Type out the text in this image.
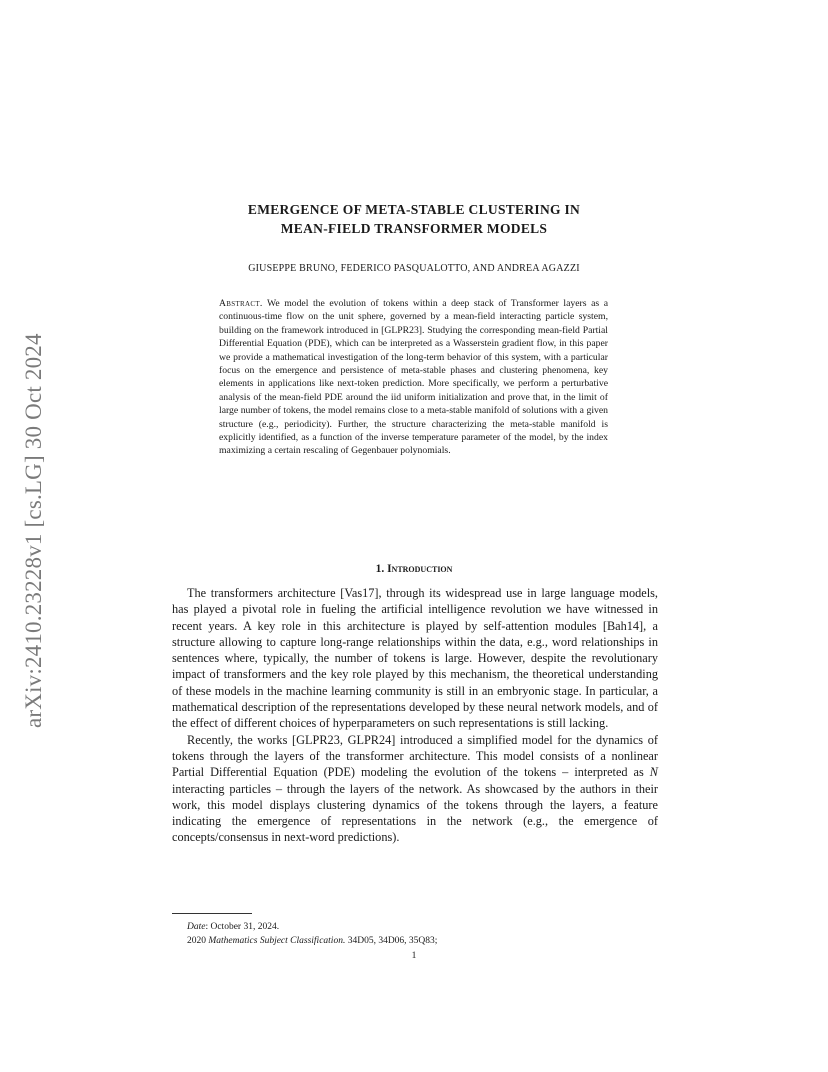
arXiv:2410.23228v1 [cs.LG] 30 Oct 2024
EMERGENCE OF META-STABLE CLUSTERING IN
MEAN-FIELD TRANSFORMER MODELS

GIUSEPPE BRUNO, FEDERICO PASQUALOTTO, AND ANDREA AGAZZI

Abstract. We model the evolution of tokens within a deep stack of Transformer layers as a continuous-time flow on the unit sphere, governed by a mean-field interacting particle system, building on the framework introduced in [GLPR23]. Studying the corresponding mean-field Partial Differential Equation (PDE), which can be interpreted as a Wasserstein gradient flow, in this paper we provide a mathematical investigation of the long-term behavior of this system, with a particular focus on the emergence and persistence of meta-stable phases and clustering phenomena, key elements in applications like next-token prediction. More specifically, we perform a perturbative analysis of the mean-field PDE around the iid uniform initialization and prove that, in the limit of large number of tokens, the model remains close to a meta-stable manifold of solutions with a given structure (e.g., periodicity). Further, the structure characterizing the meta-stable manifold is explicitly identified, as a function of the inverse temperature parameter of the model, by the index maximizing a certain rescaling of Gegenbauer polynomials.

1. Introduction

The transformers architecture [Vas17], through its widespread use in large language models, has played a pivotal role in fueling the artificial intelligence revolution we have witnessed in recent years. A key role in this architecture is played by self-attention modules [Bah14], a structure allowing to capture long-range relationships within the data, e.g., word relationships in sentences where, typically, the number of tokens is large. However, despite the revolutionary impact of transformers and the key role played by this mechanism, the theoretical understanding of these models in the machine learning community is still in an embryonic stage. In particular, a mathematical description of the representations developed by these neural network models, and of the effect of different choices of hyperparameters on such representations is still lacking.

Recently, the works [GLPR23, GLPR24] introduced a simplified model for the dynamics of tokens through the layers of the transformer architecture. This model consists of a nonlinear Partial Differential Equation (PDE) modeling the evolution of the tokens – interpreted as N interacting particles – through the layers of the network. As showcased by the authors in their work, this model displays clustering dynamics of the tokens through the layers, a feature indicating the emergence of representations in the network (e.g., the emergence of concepts/consensus in next-word predictions).

Date: October 31, 2024.
2020 Mathematics Subject Classification. 34D05, 34D06, 35Q83;
1
